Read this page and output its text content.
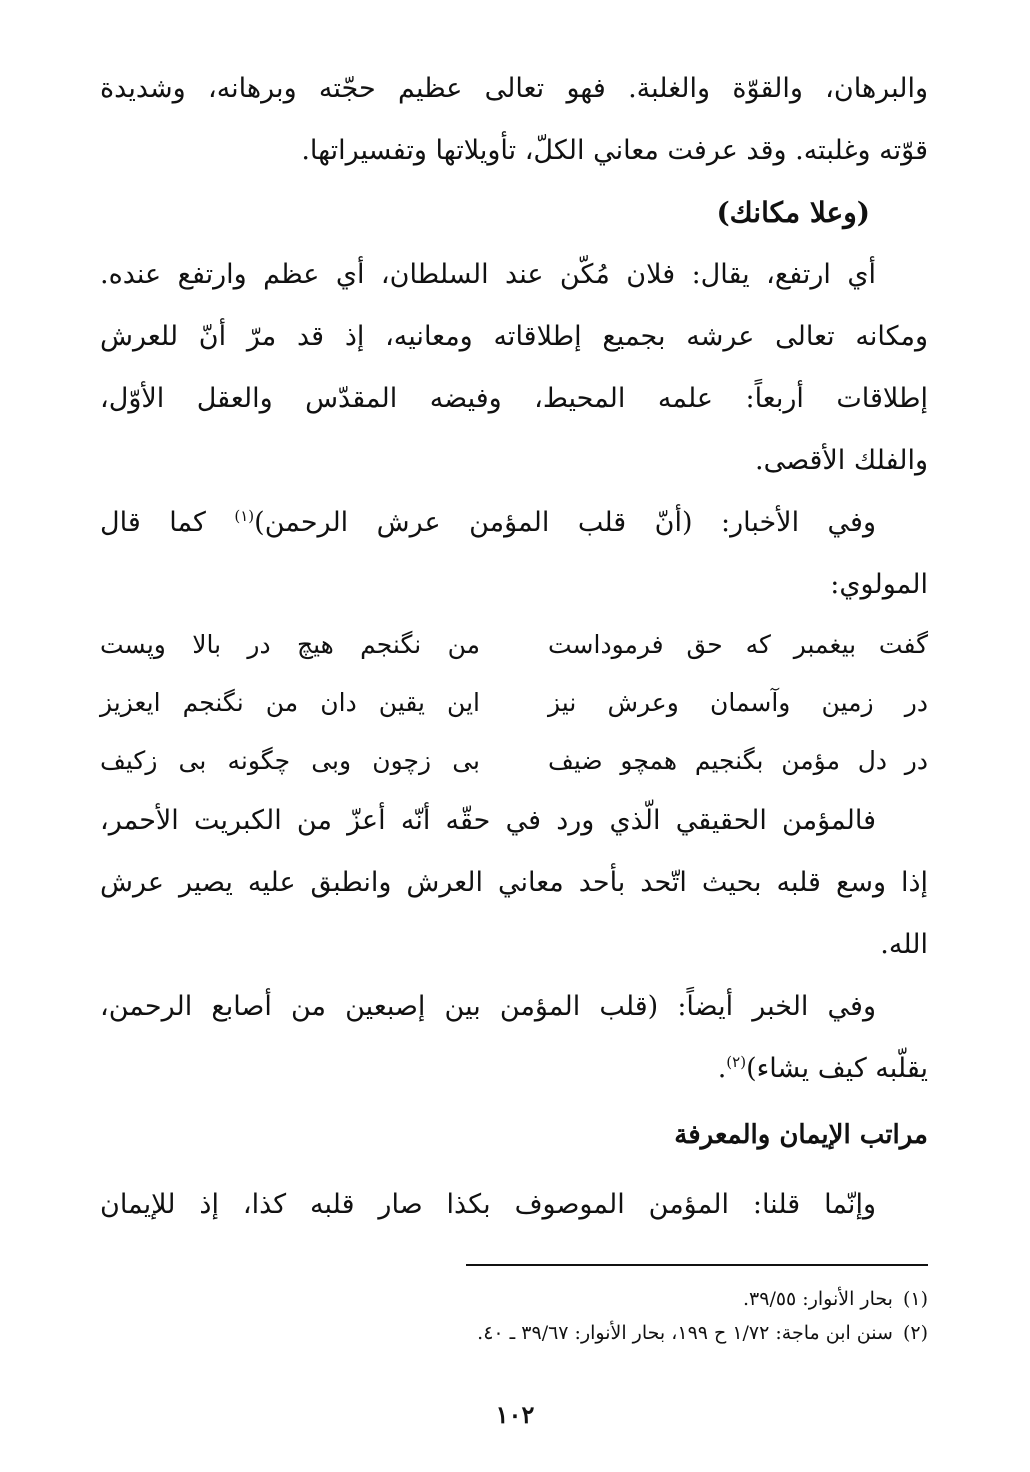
والبرهان، والقوّة والغلبة. فهو تعالى عظيم حجّته وبرهانه، وشديدة
قوّته وغلبته. وقد عرفت معاني الكلّ، تأويلاتها وتفسيراتها.
(وعلا مكانك)
أي ارتفع، يقال: فلان مُكّن عند السلطان، أي عظم وارتفع عنده.
ومكانه تعالى عرشه بجميع إطلاقاته ومعانيه، إذ قد مرّ أنّ للعرش
إطلاقات أربعاً: علمه المحيط، وفيضه المقدّس والعقل الأوّل،
والفلك الأقصى.
وفي الأخبار: (أنّ قلب المؤمن عرش الرحمن)$^{(١)}$ كما قال
المولوي:
گفت بيغمبر كه حق فرموداست
من نگنجم هيچ در بالا وپست
در زمين وآسمان وعرش نيز
اين يقين دان من نگنجم ايعزيز
در دل مؤمن بگنجيم همچو ضيف
بى زچون وبى چگونه بى زكيف
فالمؤمن الحقيقي الّذي ورد في حقّه أنّه أعزّ من الكبريت الأحمر،
إذا وسع قلبه بحيث اتّحد بأحد معاني العرش وانطبق عليه يصير عرش
الله.
وفي الخبر أيضاً: (قلب المؤمن بين إصبعين من أصابع الرحمن،
يقلّبه كيف يشاء)$^{(٢)}$.
مراتب الإيمان والمعرفة
وإنّما قلنا: المؤمن الموصوف بكذا صار قلبه كذا، إذ للإيمان
(١)بحار الأنوار: ٣٩/٥٥.
(٢)سنن ابن ماجة: ١/٧٢ ح ١٩٩، بحار الأنوار: ٣٩/٦٧ ـ ٤٠.
١٠٢
